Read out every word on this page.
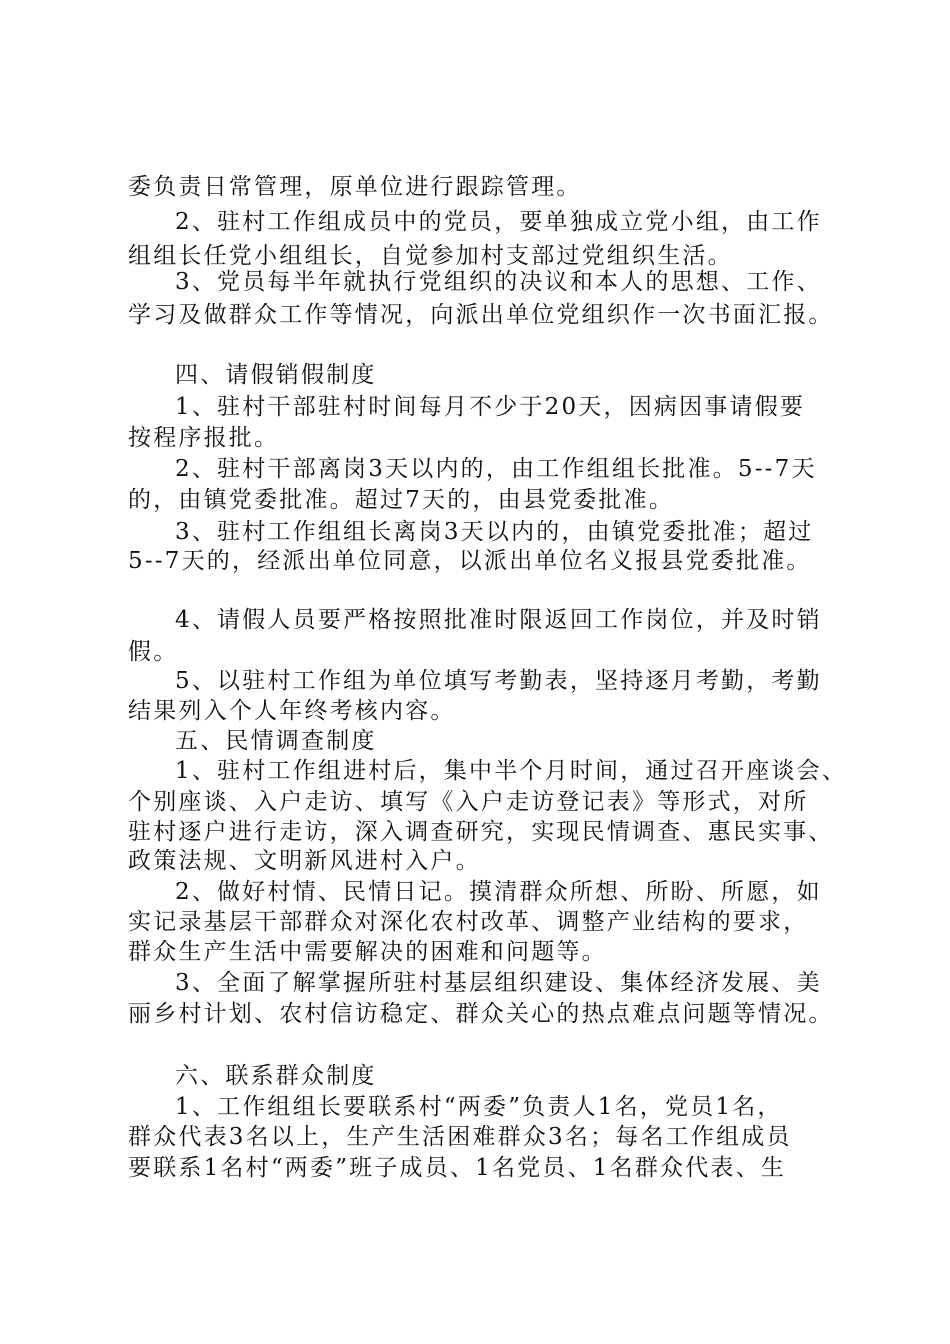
委负责日常管理，原单位进行跟踪管理。
2、驻村工作组成员中的党员，要单独成立党小组，由工作
组组长任党小组组长，自觉参加村支部过党组织生活。
3、党员每半年就执行党组织的决议和本人的思想、工作、
学习及做群众工作等情况，向派出单位党组织作一次书面汇报。
四、请假销假制度
1、驻村干部驻村时间每月不少于20天，因病因事请假要
按程序报批。
2、驻村干部离岗3天以内的，由工作组组长批准。5--7天
的，由镇党委批准。超过7天的，由县党委批准。
3、驻村工作组组长离岗3天以内的，由镇党委批准；超过
5--7天的，经派出单位同意，以派出单位名义报县党委批准。
4、请假人员要严格按照批准时限返回工作岗位，并及时销
假。
5、以驻村工作组为单位填写考勤表，坚持逐月考勤，考勤
结果列入个人年终考核内容。
五、民情调查制度
1、驻村工作组进村后，集中半个月时间，通过召开座谈会、
个别座谈、入户走访、填写《入户走访登记表》等形式，对所
驻村逐户进行走访，深入调查研究，实现民情调查、惠民实事、
政策法规、文明新风进村入户。
2、做好村情、民情日记。摸清群众所想、所盼、所愿，如
实记录基层干部群众对深化农村改革、调整产业结构的要求，
群众生产生活中需要解决的困难和问题等。
3、全面了解掌握所驻村基层组织建设、集体经济发展、美
丽乡村计划、农村信访稳定、群众关心的热点难点问题等情况。
六、联系群众制度
1、工作组组长要联系村“两委”负责人1名，党员1名，
群众代表3名以上，生产生活困难群众3名；每名工作组成员
要联系1名村“两委”班子成员、1名党员、1名群众代表、生
